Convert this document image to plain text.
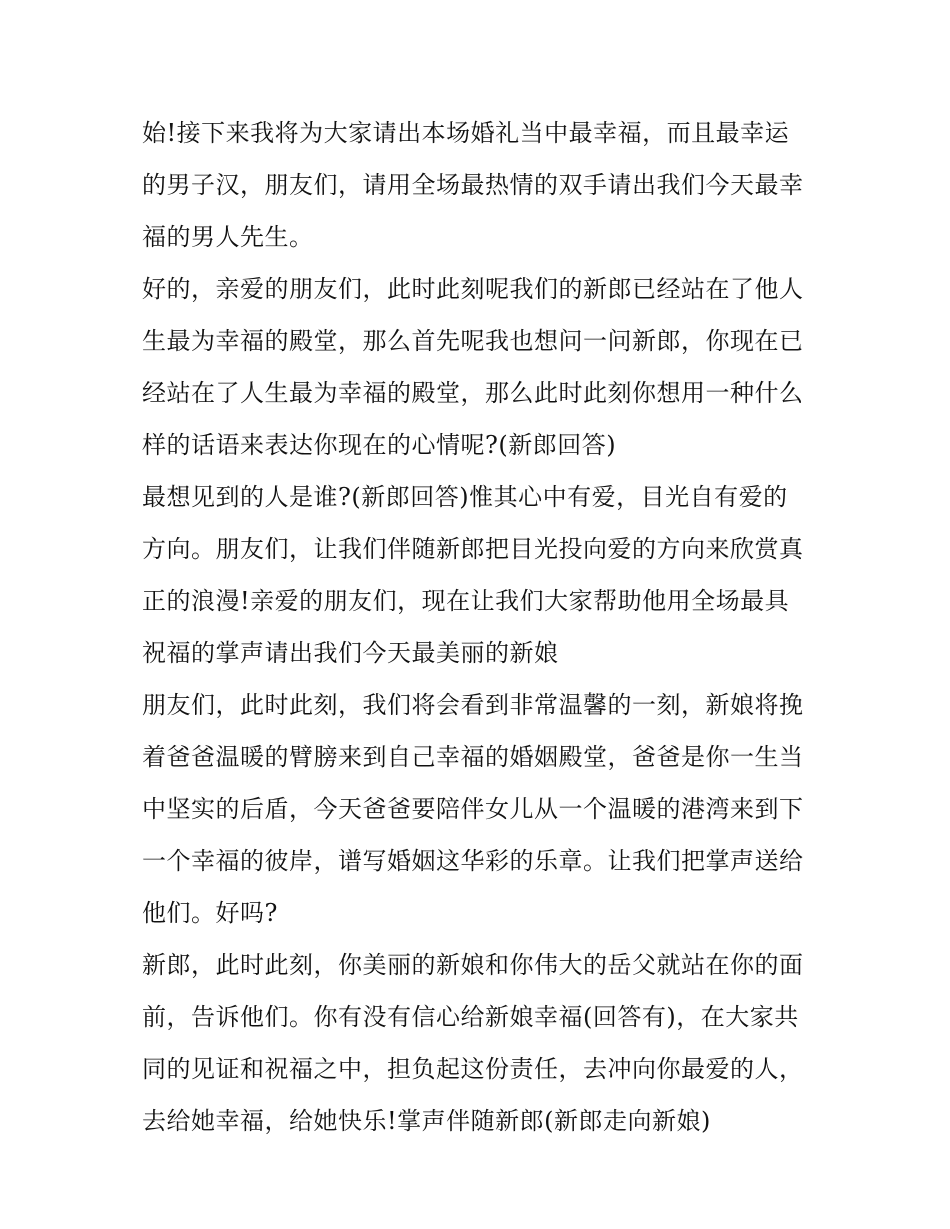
始!接下来我将为大家请出本场婚礼当中最幸福，而且最幸运
的男子汉，朋友们，请用全场最热情的双手请出我们今天最幸
福的男人先生。
好的，亲爱的朋友们，此时此刻呢我们的新郎已经站在了他人
生最为幸福的殿堂，那么首先呢我也想问一问新郎，你现在已
经站在了人生最为幸福的殿堂，那么此时此刻你想用一种什么
样的话语来表达你现在的心情呢?(新郎回答)
最想见到的人是谁?(新郎回答)惟其心中有爱，目光自有爱的
方向。朋友们，让我们伴随新郎把目光投向爱的方向来欣赏真
正的浪漫!亲爱的朋友们，现在让我们大家帮助他用全场最具
祝福的掌声请出我们今天最美丽的新娘
朋友们，此时此刻，我们将会看到非常温馨的一刻，新娘将挽
着爸爸温暖的臂膀来到自己幸福的婚姻殿堂，爸爸是你一生当
中坚实的后盾，今天爸爸要陪伴女儿从一个温暖的港湾来到下
一个幸福的彼岸，谱写婚姻这华彩的乐章。让我们把掌声送给
他们。好吗?
新郎，此时此刻，你美丽的新娘和你伟大的岳父就站在你的面
前，告诉他们。你有没有信心给新娘幸福(回答有)，在大家共
同的见证和祝福之中，担负起这份责任，去冲向你最爱的人，
去给她幸福，给她快乐!掌声伴随新郎(新郎走向新娘)
